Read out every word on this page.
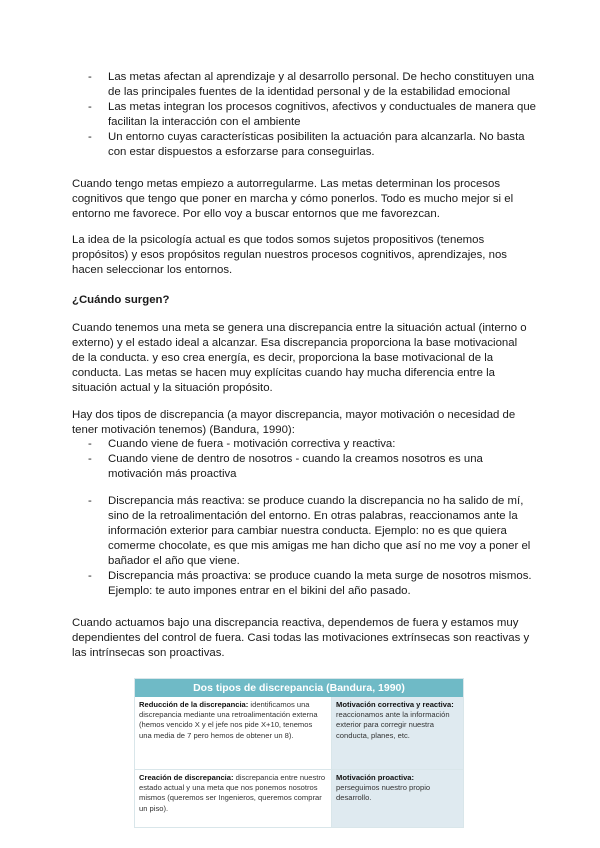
- Las metas afectan al aprendizaje y al desarrollo personal. De hecho constituyen una de las principales fuentes de la identidad personal y de la estabilidad emocional
- Las metas integran los procesos cognitivos, afectivos y conductuales de manera que facilitan la interacción con el ambiente
- Un entorno cuyas características posibiliten la actuación para alcanzarla. No basta con estar dispuestos a esforzarse para conseguirlas.

Cuando tengo metas empiezo a autorregularme. Las metas determinan los procesos cognitivos que tengo que poner en marcha y cómo ponerlos. Todo es mucho mejor si el entorno me favorece. Por ello voy a buscar entornos que me favorezcan.

La idea de la psicología actual es que todos somos sujetos propositivos (tenemos propósitos) y esos propósitos regulan nuestros procesos cognitivos, aprendizajes, nos hacen seleccionar los entornos.

¿Cuándo surgen?

Cuando tenemos una meta se genera una discrepancia entre la situación actual (interno o externo) y el estado ideal a alcanzar. Esa discrepancia proporciona la base motivacional de la conducta. y eso crea energía, es decir, proporciona la base motivacional de la conducta. Las metas se hacen muy explícitas cuando hay mucha diferencia entre la situación actual y la situación propósito.

Hay dos tipos de discrepancia (a mayor discrepancia, mayor motivación o necesidad de tener motivación tenemos) (Bandura, 1990):

- Cuando viene de fuera - motivación correctiva y reactiva:
- Cuando viene de dentro de nosotros - cuando la creamos nosotros es una motivación más proactiva
- Discrepancia más reactiva: se produce cuando la discrepancia no ha salido de mí, sino de la retroalimentación del entorno. En otras palabras, reaccionamos ante la información exterior para cambiar nuestra conducta. Ejemplo: no es que quiera comerme chocolate, es que mis amigas me han dicho que así no me voy a poner el bañador el año que viene.
- Discrepancia más proactiva: se produce cuando la meta surge de nosotros mismos. Ejemplo: te auto impones entrar en el bikini del año pasado.

Cuando actuamos bajo una discrepancia reactiva, dependemos de fuera y estamos muy dependientes del control de fuera. Casi todas las motivaciones extrínsecas son reactivas y las intrínsecas son proactivas.

Dos tipos de discrepancia (Bandura, 1990)
Reducción de la discrepancia: identificamos una discrepancia mediante una retroalimentación externa (hemos vencido X y el jefe nos pide X+10, tenemos una media de 7 pero hemos de obtener un 8).
Motivación correctiva y reactiva: reaccionamos ante la información exterior para corregir nuestra conducta, planes, etc.
Creación de discrepancia: discrepancia entre nuestro estado actual y una meta que nos ponemos nosotros mismos (queremos ser Ingenieros, queremos comprar un piso).
Motivación proactiva: perseguimos nuestro propio desarrollo.
